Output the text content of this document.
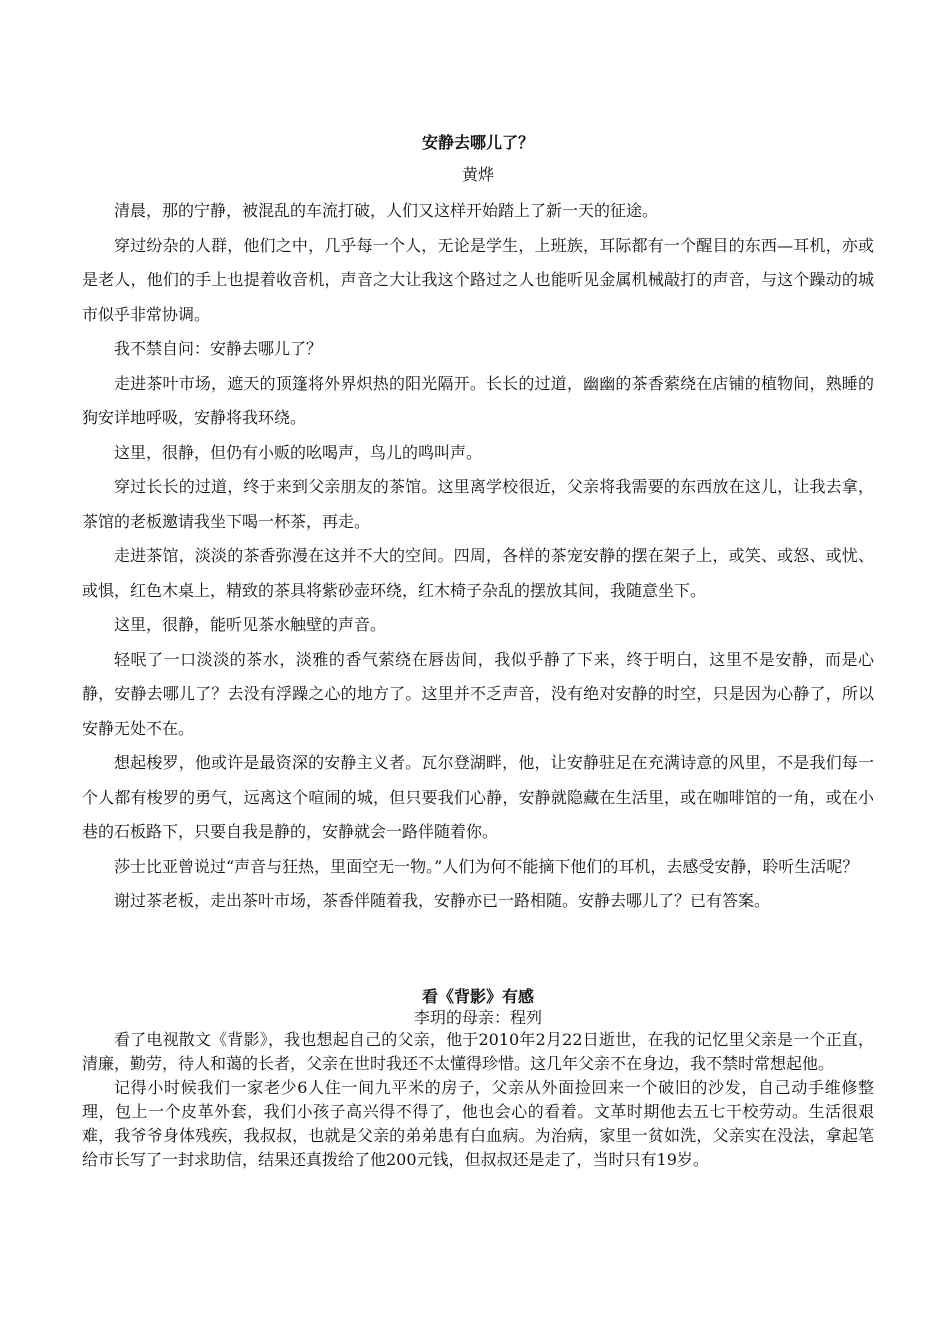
安静去哪儿了？
黄烨

清晨，那的宁静，被混乱的车流打破，人们又这样开始踏上了新一天的征途。

穿过纷杂的人群，他们之中，几乎每一个人，无论是学生，上班族，耳际都有一个醒目的东西—耳机，亦或是老人，他们的手上也提着收音机，声音之大让我这个路过之人也能听见金属机械敲打的声音，与这个躁动的城市似乎非常协调。

我不禁自问：安静去哪儿了？

走进茶叶市场，遮天的顶篷将外界炽热的阳光隔开。长长的过道，幽幽的茶香萦绕在店铺的植物间，熟睡的狗安详地呼吸，安静将我环绕。

这里，很静，但仍有小贩的吆喝声，鸟儿的鸣叫声。

穿过长长的过道，终于来到父亲朋友的茶馆。这里离学校很近，父亲将我需要的东西放在这儿，让我去拿，茶馆的老板邀请我坐下喝一杯茶，再走。

走进茶馆，淡淡的茶香弥漫在这并不大的空间。四周，各样的茶宠安静的摆在架子上，或笑、或怒、或忧、或惧，红色木桌上，精致的茶具将紫砂壶环绕，红木椅子杂乱的摆放其间，我随意坐下。

这里，很静，能听见茶水触壁的声音。

轻呡了一口淡淡的茶水，淡雅的香气萦绕在唇齿间，我似乎静了下来，终于明白，这里不是安静，而是心静，安静去哪儿了？去没有浮躁之心的地方了。这里并不乏声音，没有绝对安静的时空，只是因为心静了，所以安静无处不在。

想起梭罗，他或许是最资深的安静主义者。瓦尔登湖畔，他，让安静驻足在充满诗意的风里，不是我们每一个人都有梭罗的勇气，远离这个喧闹的城，但只要我们心静，安静就隐藏在生活里，或在咖啡馆的一角，或在小巷的石板路下，只要自我是静的，安静就会一路伴随着你。

莎士比亚曾说过“声音与狂热，里面空无一物。”人们为何不能摘下他们的耳机，去感受安静，聆听生活呢？

谢过茶老板，走出茶叶市场，茶香伴随着我，安静亦已一路相随。安静去哪儿了？已有答案。

看《背影》有感
李玥的母亲：程列

看了电视散文《背影》，我也想起自己的父亲，他于2010年2月22日逝世，在我的记忆里父亲是一个正直，清廉，勤劳，待人和蔼的长者，父亲在世时我还不太懂得珍惜。这几年父亲不在身边，我不禁时常想起他。

记得小时候我们一家老少6人住一间九平米的房子，父亲从外面捡回来一个破旧的沙发，自己动手维修整理，包上一个皮革外套，我们小孩子高兴得不得了，他也会心的看着。文革时期他去五七干校劳动。生活很艰难，我爷爷身体残疾，我叔叔，也就是父亲的弟弟患有白血病。为治病，家里一贫如洗，父亲实在没法，拿起笔给市长写了一封求助信，结果还真拨给了他200元钱，但叔叔还是走了，当时只有19岁。
